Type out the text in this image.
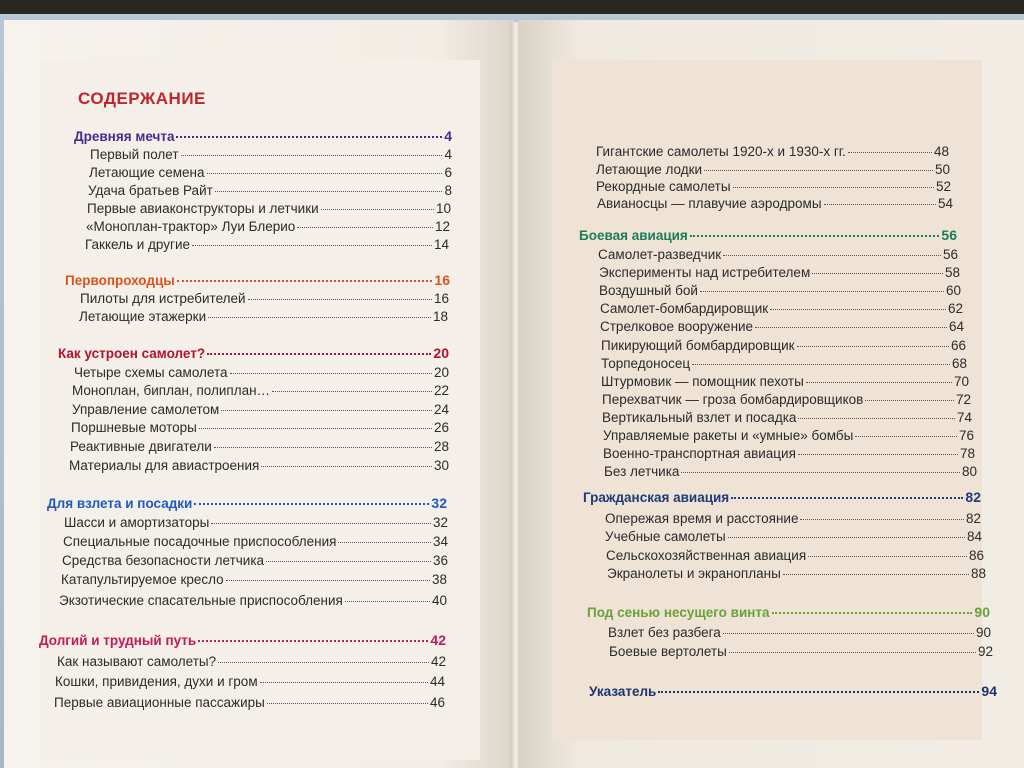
СОДЕРЖАНИЕ
Древняя мечта	4
Первый полет	4
Летающие семена	6
Удача братьев Райт	8
Первые авиаконструкторы и летчики	10
«Моноплан-трактор» Луи Блерио	12
Гаккель и другие	14
Первопроходцы	16
Пилоты для истребителей	16
Летающие этажерки	18
Как устроен самолет?	20
Четыре схемы самолета	20
Моноплан, биплан, полиплан…	22
Управление самолетом	24
Поршневые моторы	26
Реактивные двигатели	28
Материалы для авиастроения	30
Для взлета и посадки	32
Шасси и амортизаторы	32
Специальные посадочные приспособления	34
Средства безопасности летчика	36
Катапультируемое кресло	38
Экзотические спасательные приспособления	40
Долгий и трудный путь	42
Как называют самолеты?	42
Кошки, привидения, духи и гром	44
Первые авиационные пассажиры	46
Гигантские самолеты 1920-х и 1930-х гг.	48
Летающие лодки	50
Рекордные самолеты	52
Авианосцы — плавучие аэродромы	54
Боевая авиация	56
Самолет-разведчик	56
Эксперименты над истребителем	58
Воздушный бой	60
Самолет-бомбардировщик	62
Стрелковое вооружение	64
Пикирующий бомбардировщик	66
Торпедоносец	68
Штурмовик — помощник пехоты	70
Перехватчик — гроза бомбардировщиков	72
Вертикальный взлет и посадка	74
Управляемые ракеты и «умные» бомбы	76
Военно-транспортная авиация	78
Без летчика	80
Гражданская авиация	82
Опережая время и расстояние	82
Учебные самолеты	84
Сельскохозяйственная авиация	86
Экранолеты и экранопланы	88
Под сенью несущего винта	90
Взлет без разбега	90
Боевые вертолеты	92
Указатель	94
